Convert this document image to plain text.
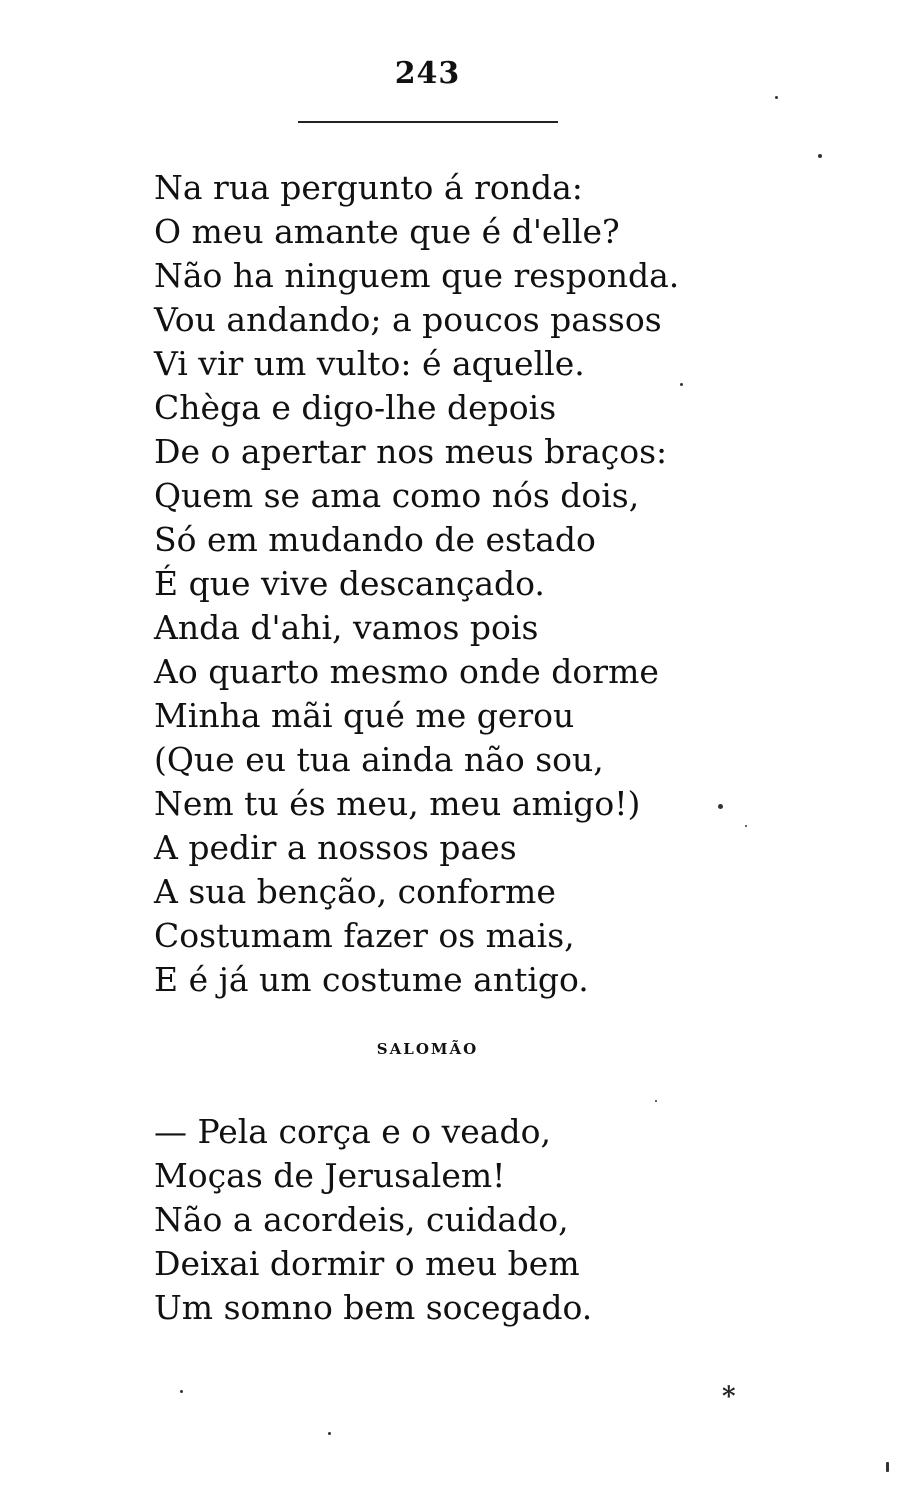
243
Na rua pergunto á ronda:
O meu amante que é d'elle?
Não ha ninguem que responda.
Vou andando; a poucos passos
Vi vir um vulto: é aquelle.
Chèga e digo-lhe depois
De o apertar nos meus braços:
Quem se ama como nós dois,
Só em mudando de estado
É que vive descançado.
Anda d'ahi, vamos pois
Ao quarto mesmo onde dorme
Minha mãi qué me gerou
(Que eu tua ainda não sou,
Nem tu és meu, meu amigo!)
A pedir a nossos paes
A sua benção, conforme
Costumam fazer os mais,
E é já um costume antigo.
SALOMÃO
— Pela corça e o veado,
Moças de Jerusalem!
Não a acordeis, cuidado,
Deixai dormir o meu bem
Um somno bem socegado.
*
